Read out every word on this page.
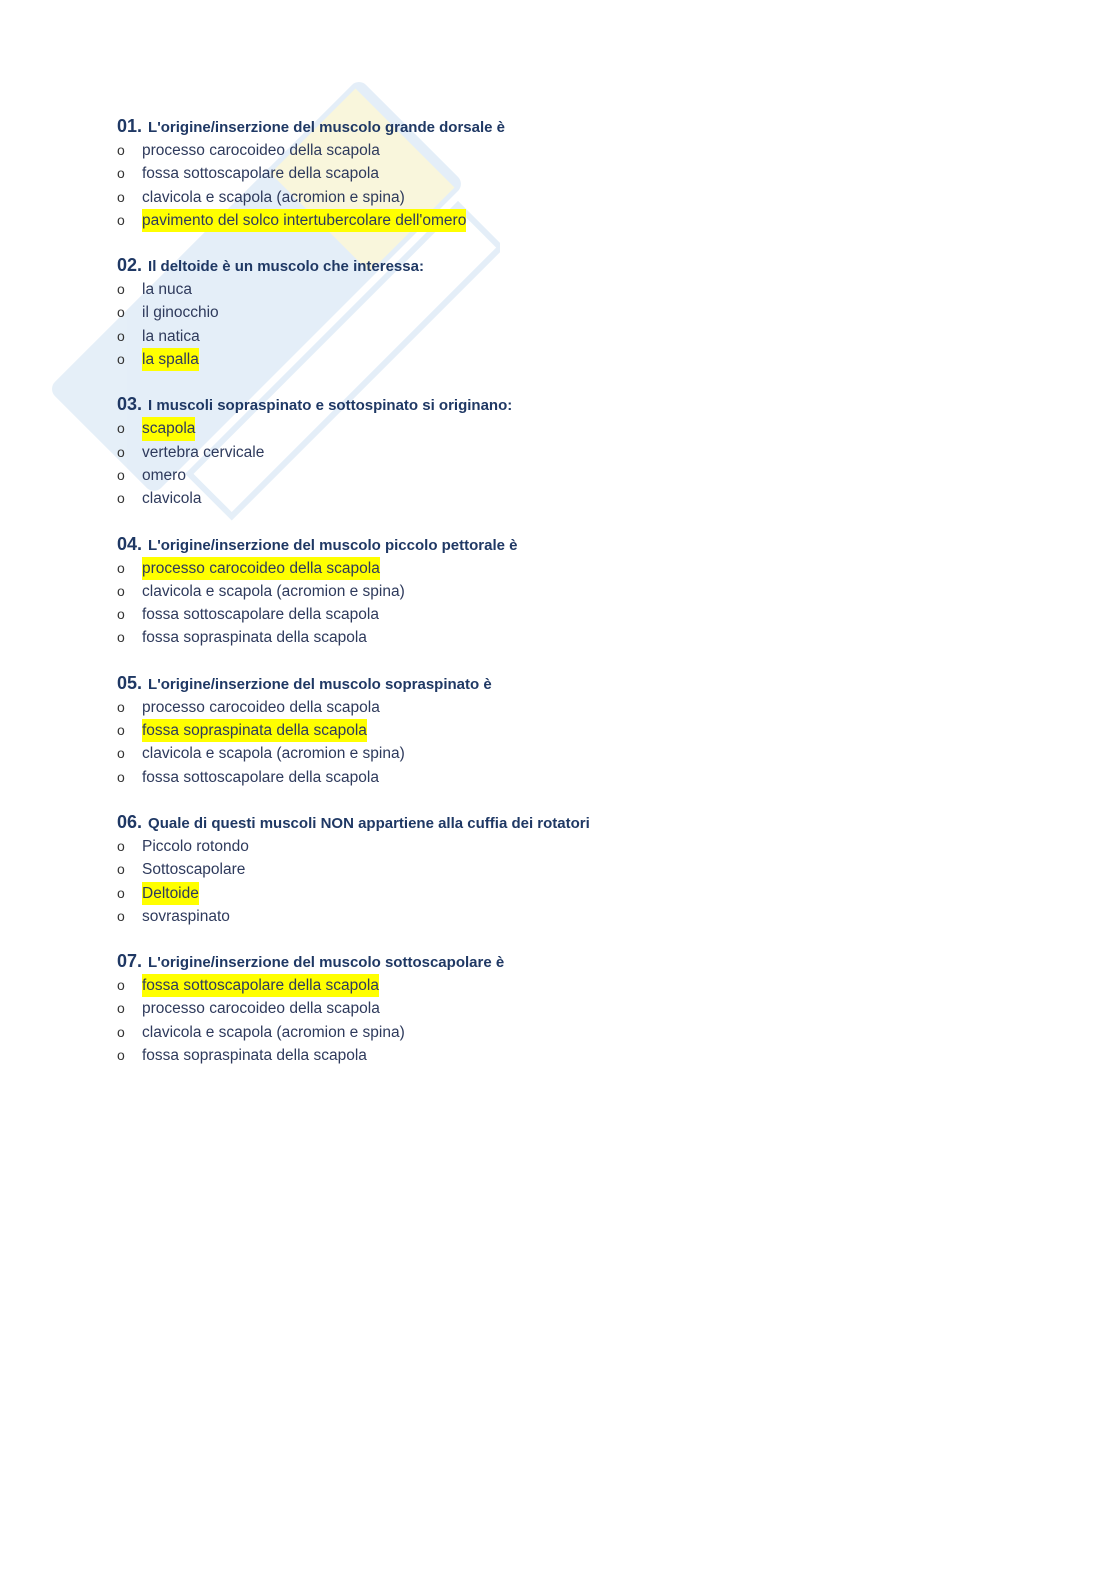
01. L'origine/inserzione del muscolo grande dorsale è
o	processo carocoideo della scapola
o	fossa sottoscapolare della scapola
o	clavicola e scapola (acromion e spina)
o	pavimento del solco intertubercolare dell'omero
02. Il deltoide è un muscolo che interessa:
o	la nuca
o	il ginocchio
o	la natica
o	la spalla
03. I muscoli sopraspinato e sottospinato si originano:
o	scapola
o	vertebra cervicale
o	omero
o	clavicola
04. L'origine/inserzione del muscolo piccolo pettorale è
o	processo carocoideo della scapola
o	clavicola e scapola (acromion e spina)
o	fossa sottoscapolare della scapola
o	fossa sopraspinata della scapola
05. L'origine/inserzione del muscolo sopraspinato è
o	processo carocoideo della scapola
o	fossa sopraspinata della scapola
o	clavicola e scapola (acromion e spina)
o	fossa sottoscapolare della scapola
06. Quale di questi muscoli NON appartiene alla cuffia dei rotatori
o	Piccolo rotondo
o	Sottoscapolare
o	Deltoide
o	sovraspinato
07. L'origine/inserzione del muscolo sottoscapolare è
o	fossa sottoscapolare della scapola
o	processo carocoideo della scapola
o	clavicola e scapola (acromion e spina)
o	fossa sopraspinata della scapola
